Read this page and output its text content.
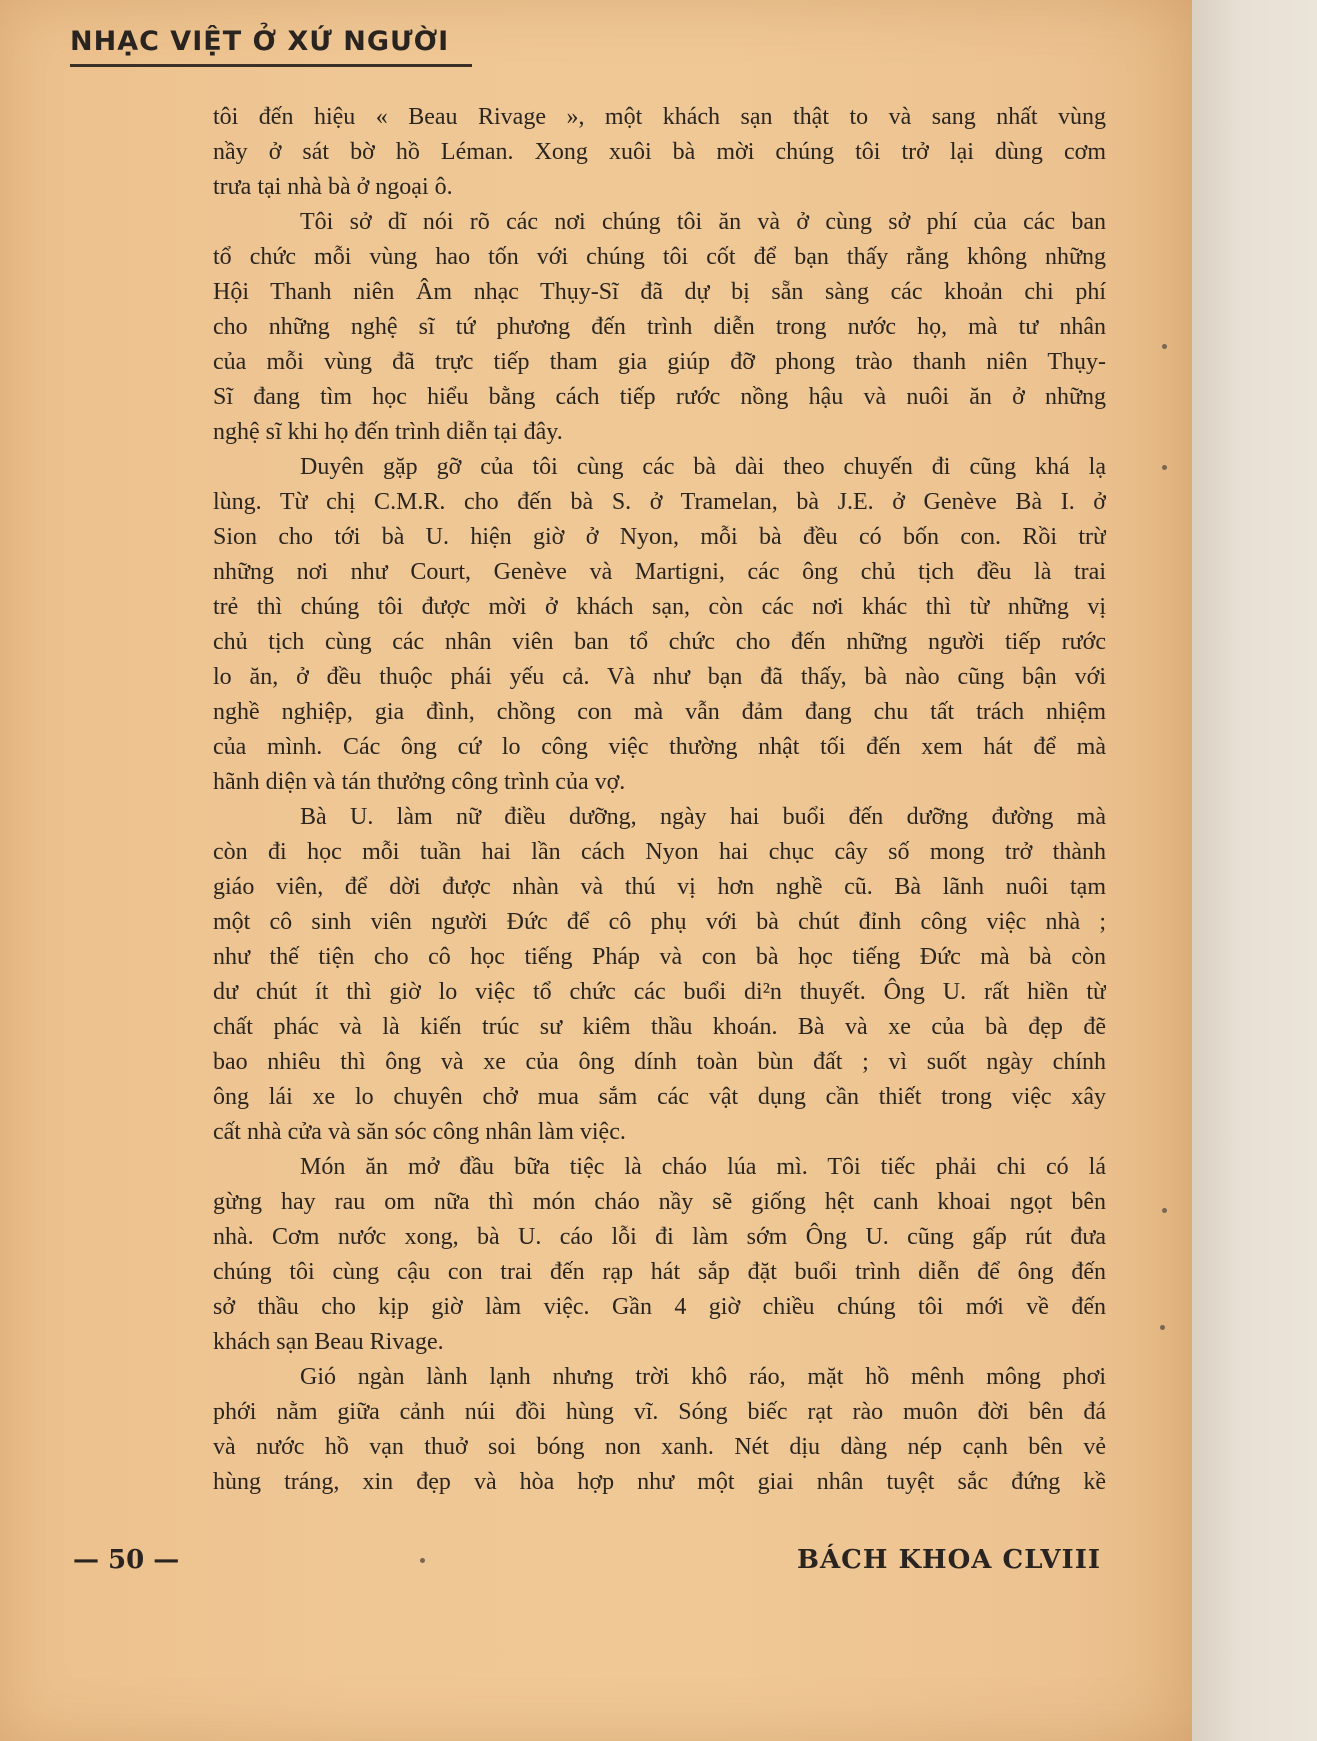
NHẠC VIỆT Ở XỨ NGƯỜI
tôi đến hiệu « Beau Rivage », một khách sạn thật to và sang nhất vùng
nầy ở sát bờ hồ Léman. Xong xuôi bà mời chúng tôi trở lại dùng cơm
trưa tại nhà bà ở ngoại ô.
Tôi sở dĩ nói rõ các nơi chúng tôi ăn và ở cùng sở phí của các ban
tổ chức mỗi vùng hao tốn với chúng tôi cốt để bạn thấy rằng không những
Hội Thanh niên Âm nhạc Thụy-Sĩ đã dự bị sẵn sàng các khoản chi phí
cho những nghệ sĩ tứ phương đến trình diễn trong nước họ, mà tư nhân
của mỗi vùng đã trực tiếp tham gia giúp đỡ phong trào thanh niên Thụy-
Sĩ đang tìm học hiểu bằng cách tiếp rước nồng hậu và nuôi ăn ở những
nghệ sĩ khi họ đến trình diễn tại đây.
Duyên gặp gỡ của tôi cùng các bà dài theo chuyến đi cũng khá lạ
lùng. Từ chị C.M.R. cho đến bà S. ở Tramelan, bà J.E. ở Genève Bà I. ở
Sion cho tới bà U. hiện giờ ở Nyon, mỗi bà đều có bốn con. Rồi trừ
những nơi như Court, Genève và Martigni, các ông chủ tịch đều là trai
trẻ thì chúng tôi được mời ở khách sạn, còn các nơi khác thì từ những vị
chủ tịch cùng các nhân viên ban tổ chức cho đến những người tiếp rước
lo ăn, ở đều thuộc phái yếu cả. Và như bạn đã thấy, bà nào cũng bận với
nghề nghiệp, gia đình, chồng con mà vẫn đảm đang chu tất trách nhiệm
của mình. Các ông cứ lo công việc thường nhật tối đến xem hát để mà
hãnh diện và tán thưởng công trình của vợ.
Bà U. làm nữ điều dưỡng, ngày hai buổi đến dưỡng đường mà
còn đi học mỗi tuần hai lần cách Nyon hai chục cây số mong trở thành
giáo viên, để dời được nhàn và thú vị hơn nghề cũ. Bà lãnh nuôi tạm
một cô sinh viên người Đức để cô phụ với bà chút đỉnh công việc nhà ;
như thế tiện cho cô học tiếng Pháp và con bà học tiếng Đức mà bà còn
dư chút ít thì giờ lo việc tổ chức các buổi di²n thuyết. Ông U. rất hiền từ
chất phác và là kiến trúc sư kiêm thầu khoán. Bà và xe của bà đẹp đẽ
bao nhiêu thì ông và xe của ông dính toàn bùn đất ; vì suốt ngày chính
ông lái xe lo chuyên chở mua sắm các vật dụng cần thiết trong việc xây
cất nhà cửa và săn sóc công nhân làm việc.
Món ăn mở đầu bữa tiệc là cháo lúa mì. Tôi tiếc phải chi có lá
gừng hay rau om nữa thì món cháo nầy sẽ giống hệt canh khoai ngọt bên
nhà. Cơm nước xong, bà U. cáo lỗi đi làm sớm Ông U. cũng gấp rút đưa
chúng tôi cùng cậu con trai đến rạp hát sắp đặt buổi trình diễn để ông đến
sở thầu cho kịp giờ làm việc. Gần 4 giờ chiều chúng tôi mới về đến
khách sạn Beau Rivage.
Gió ngàn lành lạnh nhưng trời khô ráo, mặt hồ mênh mông phơi
phới nằm giữa cảnh núi đồi hùng vĩ. Sóng biếc rạt rào muôn đời bên đá
và nước hồ vạn thuở soi bóng non xanh. Nét dịu dàng nép cạnh bên vẻ
hùng tráng, xin đẹp và hòa hợp như một giai nhân tuyệt sắc đứng kề
— 50 —	BÁCH KHOA CLVIII
